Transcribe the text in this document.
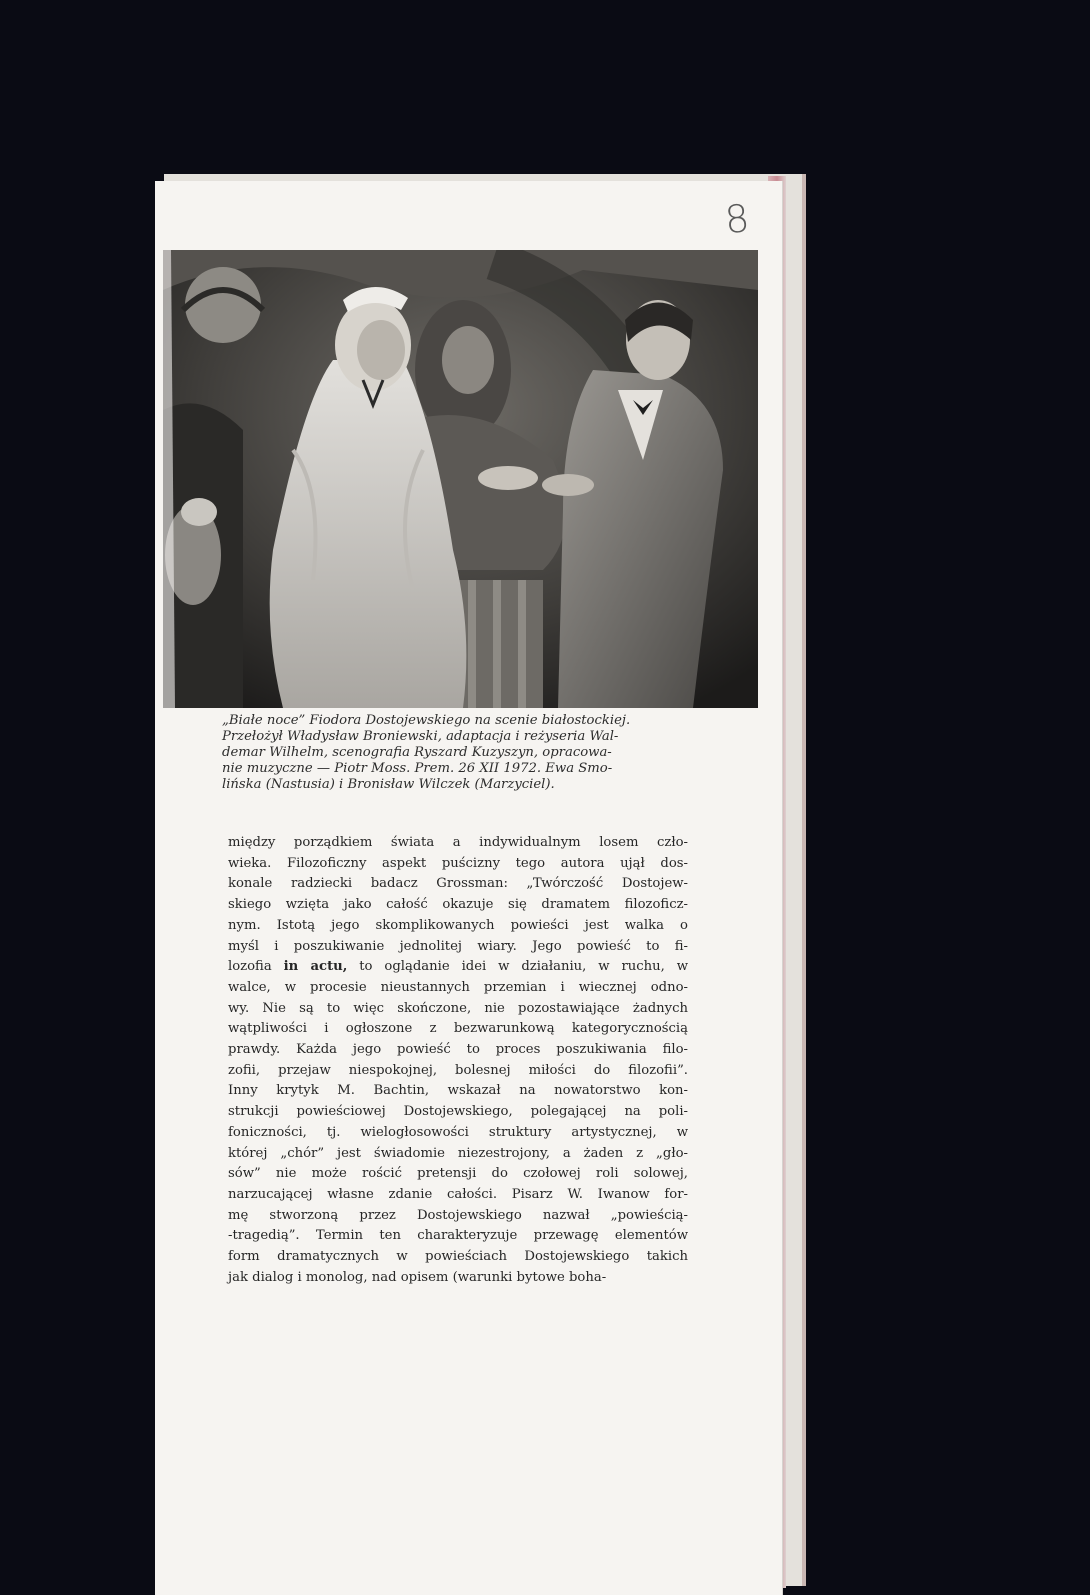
8

„Białe noce” Fiodora Dostojewskiego na scenie białostockiej.
Przełożył Władysław Broniewski, adaptacja i reżyseria Wal-
demar Wilhelm, scenografia Ryszard Kuzyszyn, opracowa-
nie muzyczne — Piotr Moss. Prem. 26 XII 1972. Ewa Smo-
lińska (Nastusia) i Bronisław Wilczek (Marzyciel).

między porządkiem świata a indywidualnym losem czło-
wieka. Filozoficzny aspekt puścizny tego autora ujął dos-
konale radziecki badacz Grossman: „Twórczość Dostojew-
skiego wzięta jako całość okazuje się dramatem filozoficz-
nym. Istotą jego skomplikowanych powieści jest walka o
myśl i poszukiwanie jednolitej wiary. Jego powieść to fi-
lozofia in actu, to oglądanie idei w działaniu, w ruchu, w
walce, w procesie nieustannych przemian i wiecznej odno-
wy. Nie są to więc skończone, nie pozostawiające żadnych
wątpliwości i ogłoszone z bezwarunkową kategorycznością
prawdy. Każda jego powieść to proces poszukiwania filo-
zofii, przejaw niespokojnej, bolesnej miłości do filozofii”.
Inny krytyk M. Bachtin, wskazał na nowatorstwo kon-
strukcji powieściowej Dostojewskiego, polegającej na poli-
foniczności, tj. wielogłosowości struktury artystycznej, w
której „chór” jest świadomie niezestrojony, a żaden z „gło-
sów” nie może rościć pretensji do czołowej roli solowej,
narzucającej własne zdanie całości. Pisarz W. Iwanow for-
mę stworzoną przez Dostojewskiego nazwał „powieścią-
-tragedią”. Termin ten charakteryzuje przewagę elementów
form dramatycznych w powieściach Dostojewskiego takich
jak dialog i monolog, nad opisem (warunki bytowe boha-
